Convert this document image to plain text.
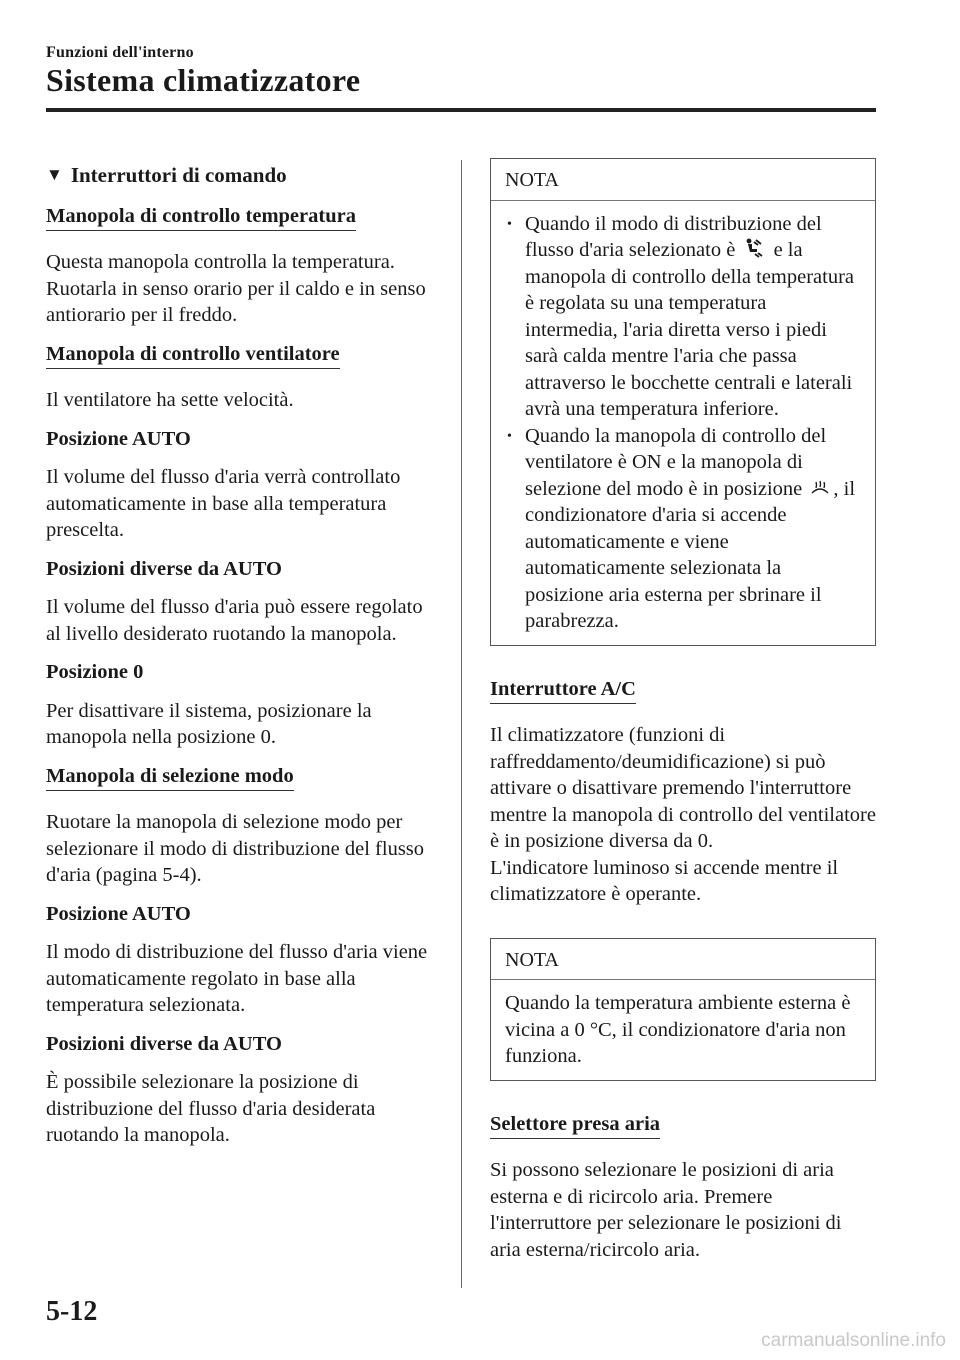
Funzioni dell'interno
Sistema climatizzatore
▼ Interruttori di comando
Manopola di controllo temperatura

Questa manopola controlla la temperatura. Ruotarla in senso orario per il caldo e in senso antiorario per il freddo.

Manopola di controllo ventilatore

Il ventilatore ha sette velocità.

Posizione AUTO

Il volume del flusso d'aria verrà controllato automaticamente in base alla temperatura prescelta.

Posizioni diverse da AUTO

Il volume del flusso d'aria può essere regolato al livello desiderato ruotando la manopola.

Posizione 0

Per disattivare il sistema, posizionare la manopola nella posizione 0.

Manopola di selezione modo

Ruotare la manopola di selezione modo per selezionare il modo di distribuzione del flusso d'aria (pagina 5-4).

Posizione AUTO

Il modo di distribuzione del flusso d'aria viene automaticamente regolato in base alla temperatura selezionata.

Posizioni diverse da AUTO

È possibile selezionare la posizione di distribuzione del flusso d'aria desiderata ruotando la manopola.

NOTA
• Quando il modo di distribuzione del flusso d'aria selezionato è e la manopola di controllo della temperatura è regolata su una temperatura intermedia, l'aria diretta verso i piedi sarà calda mentre l'aria che passa attraverso le bocchette centrali e laterali avrà una temperatura inferiore.
• Quando la manopola di controllo del ventilatore è ON e la manopola di selezione del modo è in posizione , il condizionatore d'aria si accende automaticamente e viene automaticamente selezionata la posizione aria esterna per sbrinare il parabrezza.
Interruttore A/C

Il climatizzatore (funzioni di raffreddamento/deumidificazione) si può attivare o disattivare premendo l'interruttore mentre la manopola di controllo del ventilatore è in posizione diversa da 0.

L'indicatore luminoso si accende mentre il climatizzatore è operante.

NOTA
Quando la temperatura ambiente esterna è vicina a 0 °C, il condizionatore d'aria non funziona.
Selettore presa aria

Si possono selezionare le posizioni di aria esterna e di ricircolo aria. Premere l'interruttore per selezionare le posizioni di aria esterna/ricircolo aria.

5-12
carmanualsonline.info
